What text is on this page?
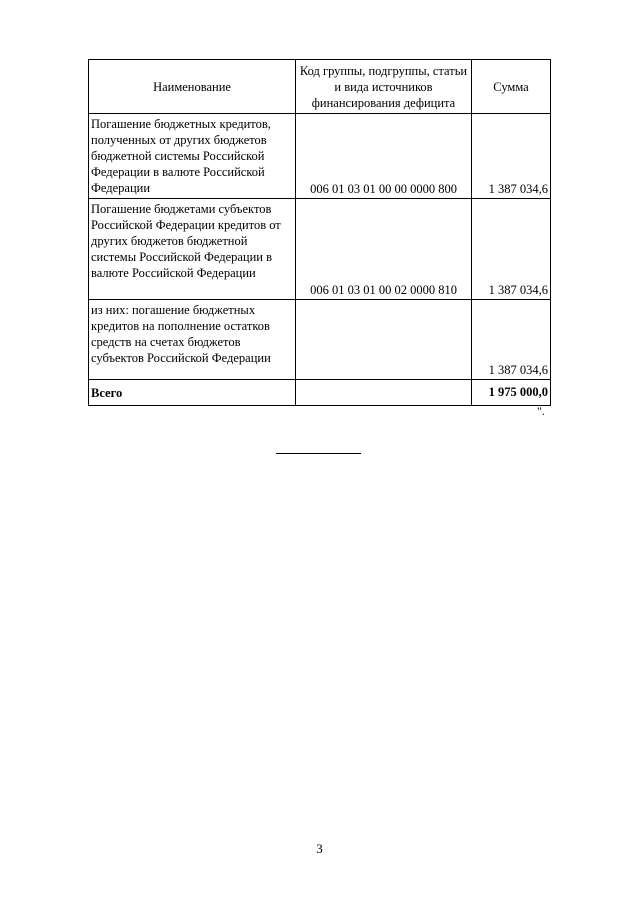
Наименование	Код группы, подгруппы, статьи и вида источников финансирования дефицита	Сумма
Погашение бюджетных кредитов, полученных от других бюджетов бюджетной системы Российской Федерации в валюте Российской Федерации	006 01 03 01 00 00 0000 800	1 387 034,6
Погашение бюджетами субъектов Российской Федерации кредитов от других бюджетов бюджетной системы Российской Федерации в валюте Российской Федерации	006 01 03 01 00 02 0000 810	1 387 034,6
из них: погашение бюджетных кредитов на пополнение остатков средств на счетах бюджетов субъектов Российской Федерации		1 387 034,6
Всего		1 975 000,0
".
3
